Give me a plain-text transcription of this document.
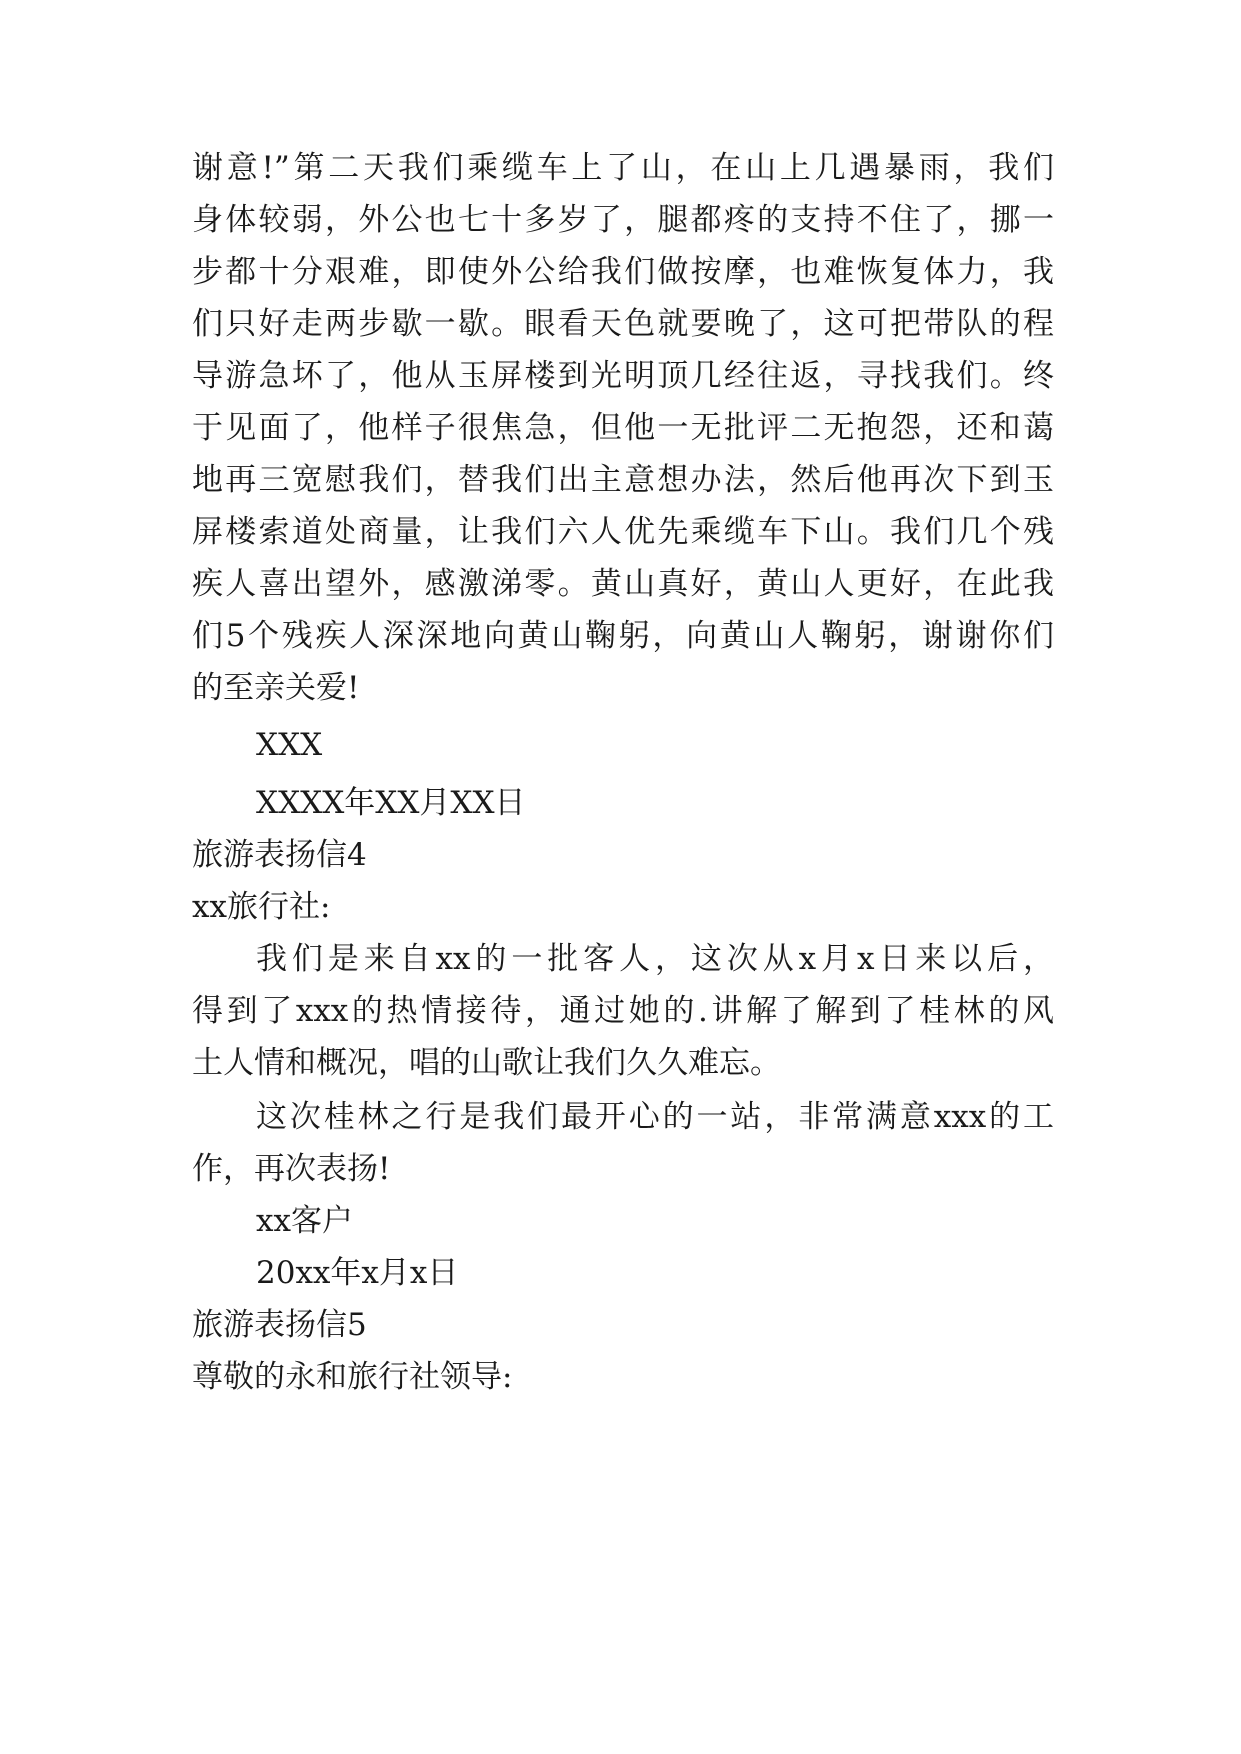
谢意!”第二天我们乘缆车上了山，在山上几遇暴雨，我们
身体较弱，外公也七十多岁了，腿都疼的支持不住了，挪一
步都十分艰难，即使外公给我们做按摩，也难恢复体力，我
们只好走两步歇一歇。眼看天色就要晚了，这可把带队的程
导游急坏了，他从玉屏楼到光明顶几经往返，寻找我们。终
于见面了，他样子很焦急，但他一无批评二无抱怨，还和蔼
地再三宽慰我们，替我们出主意想办法，然后他再次下到玉
屏楼索道处商量，让我们六人优先乘缆车下山。我们几个残
疾人喜出望外，感激涕零。黄山真好，黄山人更好，在此我
们5个残疾人深深地向黄山鞠躬，向黄山人鞠躬，谢谢你们
的至亲关爱!
XXX
XXXX年XX月XX日
旅游表扬信4
xx旅行社:
我们是来自xx的一批客人，这次从x月x日来以后，
得到了xxx的热情接待，通过她的.讲解了解到了桂林的风
土人情和概况，唱的山歌让我们久久难忘。
这次桂林之行是我们最开心的一站，非常满意xxx的工
作，再次表扬!
xx客户
20xx年x月x日
旅游表扬信5
尊敬的永和旅行社领导:
